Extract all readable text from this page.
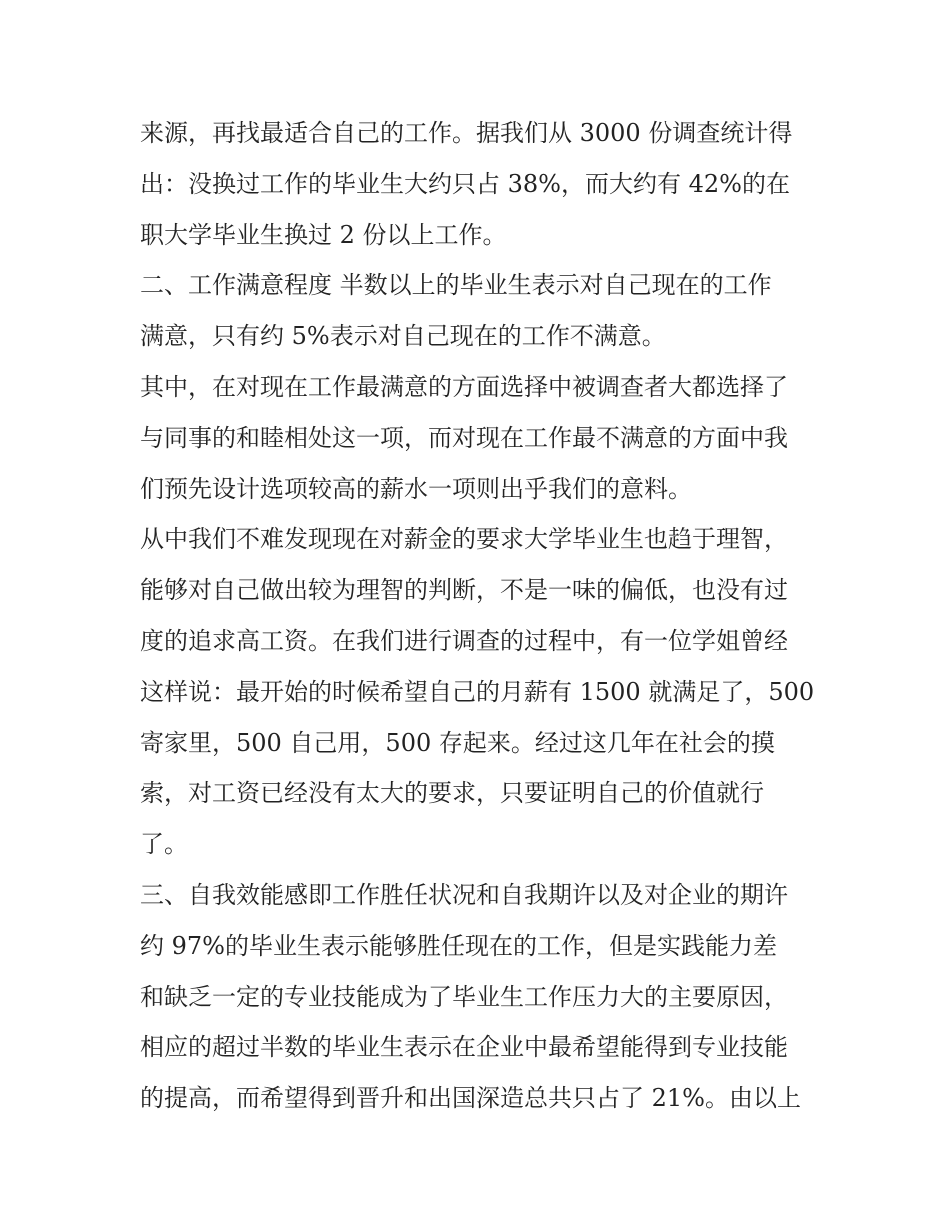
来源，再找最适合自己的工作。据我们从 3000 份调查统计得
出：没换过工作的毕业生大约只占 38%，而大约有 42%的在
职大学毕业生换过 2 份以上工作。
二、工作满意程度 半数以上的毕业生表示对自己现在的工作
满意，只有约 5%表示对自己现在的工作不满意。
其中，在对现在工作最满意的方面选择中被调查者大都选择了
与同事的和睦相处这一项，而对现在工作最不满意的方面中我
们预先设计选项较高的薪水一项则出乎我们的意料。
从中我们不难发现现在对薪金的要求大学毕业生也趋于理智，
能够对自己做出较为理智的判断，不是一味的偏低，也没有过
度的追求高工资。在我们进行调查的过程中，有一位学姐曾经
这样说：最开始的时候希望自己的月薪有 1500 就满足了，500
寄家里，500 自己用，500 存起来。经过这几年在社会的摸
索，对工资已经没有太大的要求，只要证明自己的价值就行
了。
三、自我效能感即工作胜任状况和自我期许以及对企业的期许
约 97%的毕业生表示能够胜任现在的工作，但是实践能力差
和缺乏一定的专业技能成为了毕业生工作压力大的主要原因，
相应的超过半数的毕业生表示在企业中最希望能得到专业技能
的提高，而希望得到晋升和出国深造总共只占了 21%。由以上
